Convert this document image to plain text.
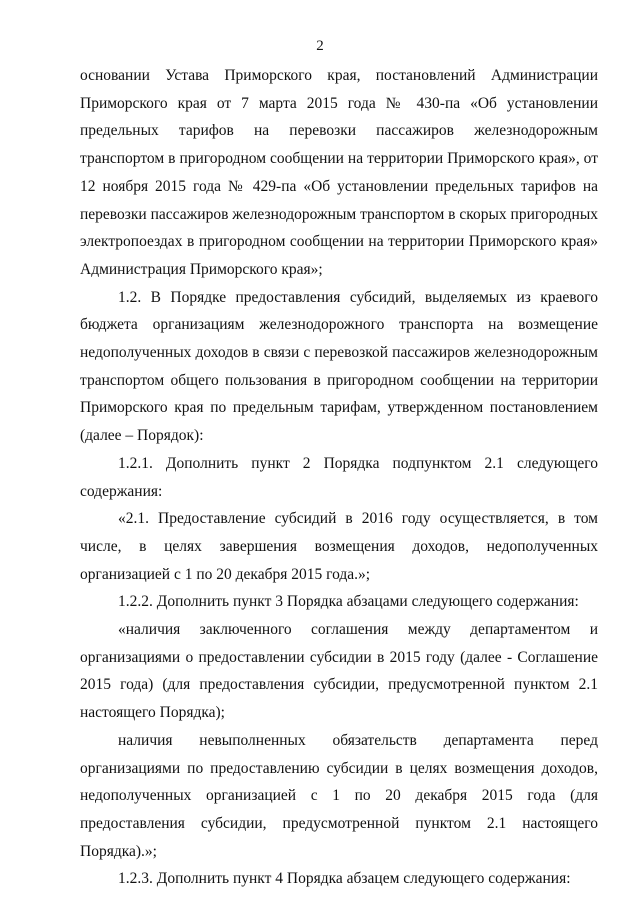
2

основании Устава Приморского края, постановлений Администрации Приморского края от 7 марта 2015 года № 430-па «Об установлении предельных тарифов на перевозки пассажиров железнодорожным транспортом в пригородном сообщении на территории Приморского края», от 12 ноября 2015 года № 429-па «Об установлении предельных тарифов на перевозки пассажиров железнодорожным транспортом в скорых пригородных электропоездах в пригородном сообщении на территории Приморского края» Администрация Приморского края»;

1.2. В Порядке предоставления субсидий, выделяемых из краевого бюджета организациям железнодорожного транспорта на возмещение недополученных доходов в связи с перевозкой пассажиров железнодорожным транспортом общего пользования в пригородном сообщении на территории Приморского края по предельным тарифам, утвержденном постановлением (далее – Порядок):

1.2.1. Дополнить пункт 2 Порядка подпунктом 2.1 следующего содержания:

«2.1. Предоставление субсидий в 2016 году осуществляется, в том числе, в целях завершения возмещения доходов, недополученных организацией с 1 по 20 декабря 2015 года.»;

1.2.2. Дополнить пункт 3 Порядка абзацами следующего содержания:

«наличия заключенного соглашения между департаментом и организациями о предоставлении субсидии в 2015 году (далее - Соглашение 2015 года) (для предоставления субсидии, предусмотренной пунктом 2.1 настоящего Порядка);

наличия невыполненных обязательств департамента перед организациями по предоставлению субсидии в целях возмещения доходов, недополученных организацией с 1 по 20 декабря 2015 года (для предоставления субсидии, предусмотренной пунктом 2.1 настоящего Порядка).»;

1.2.3. Дополнить пункт 4 Порядка абзацем следующего содержания:
